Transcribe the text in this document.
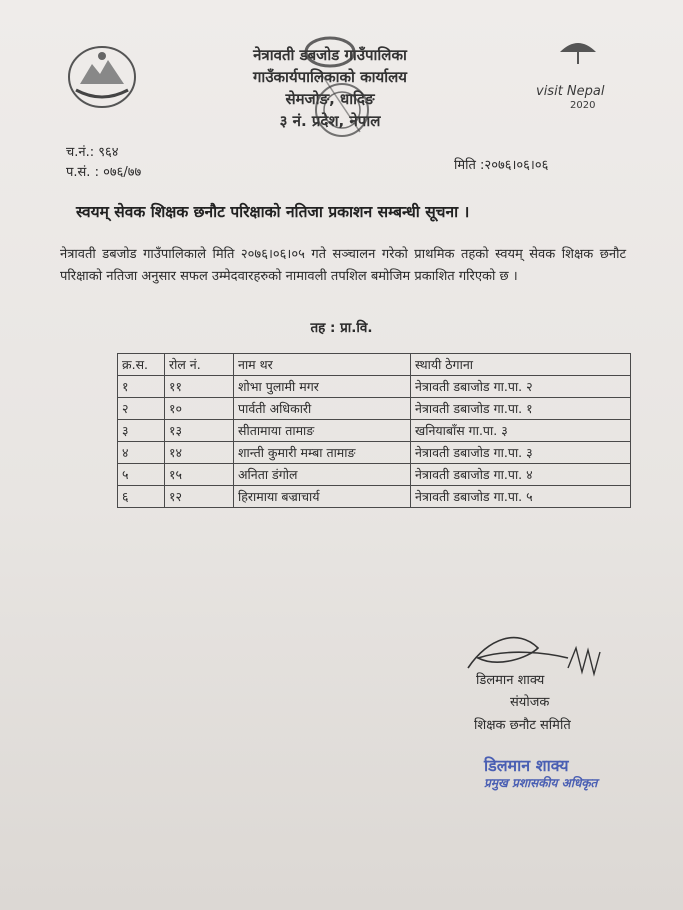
नेत्रावती डबजोड गाउँपालिका
गाउँकार्यपालिकाको कार्यालय
सेमजोङ, धादिङ
३ नं. प्रदेश, नेपाल
visit Nepal
2020
च.नं.: ९६४
प.सं. : ०७६/७७	मिति :२०७६।०६।०६
स्वयम् सेवक शिक्षक छनौट परिक्षाको नतिजा प्रकाशन सम्बन्धी सूचना ।
नेत्रावती डबजोड गाउँपालिकाले मिति २०७६।०६।०५ गते सञ्चालन गरेको प्राथमिक तहको स्वयम् सेवक शिक्षक छनौट परिक्षाको नतिजा अनुसार सफल उम्मेदवारहरुको नामावली तपशिल बमोजिम प्रकाशित गरिएको छ ।
तह : प्रा.वि.
क्र.स.	रोल नं.	नाम थर	स्थायी ठेगाना
१	११	शोभा पुलामी मगर	नेत्रावती डबाजोड गा.पा. २
२	१०	पार्वती अधिकारी	नेत्रावती डबाजोड गा.पा. १
३	१३	सीतामाया तामाङ	खनियाबाँस गा.पा. ३
४	१४	शान्ती कुमारी मम्बा तामाङ	नेत्रावती डबाजोड गा.पा. ३
५	१५	अनिता डंगोल	नेत्रावती डबाजोड गा.पा. ४
६	१२	हिरामाया बज्राचार्य	नेत्रावती डबाजोड गा.पा. ५
डिलमान शाक्य
संयोजक
शिक्षक छनौट समिति
डिलमान शाक्य
प्रमुख प्रशासकीय अधिकृत
